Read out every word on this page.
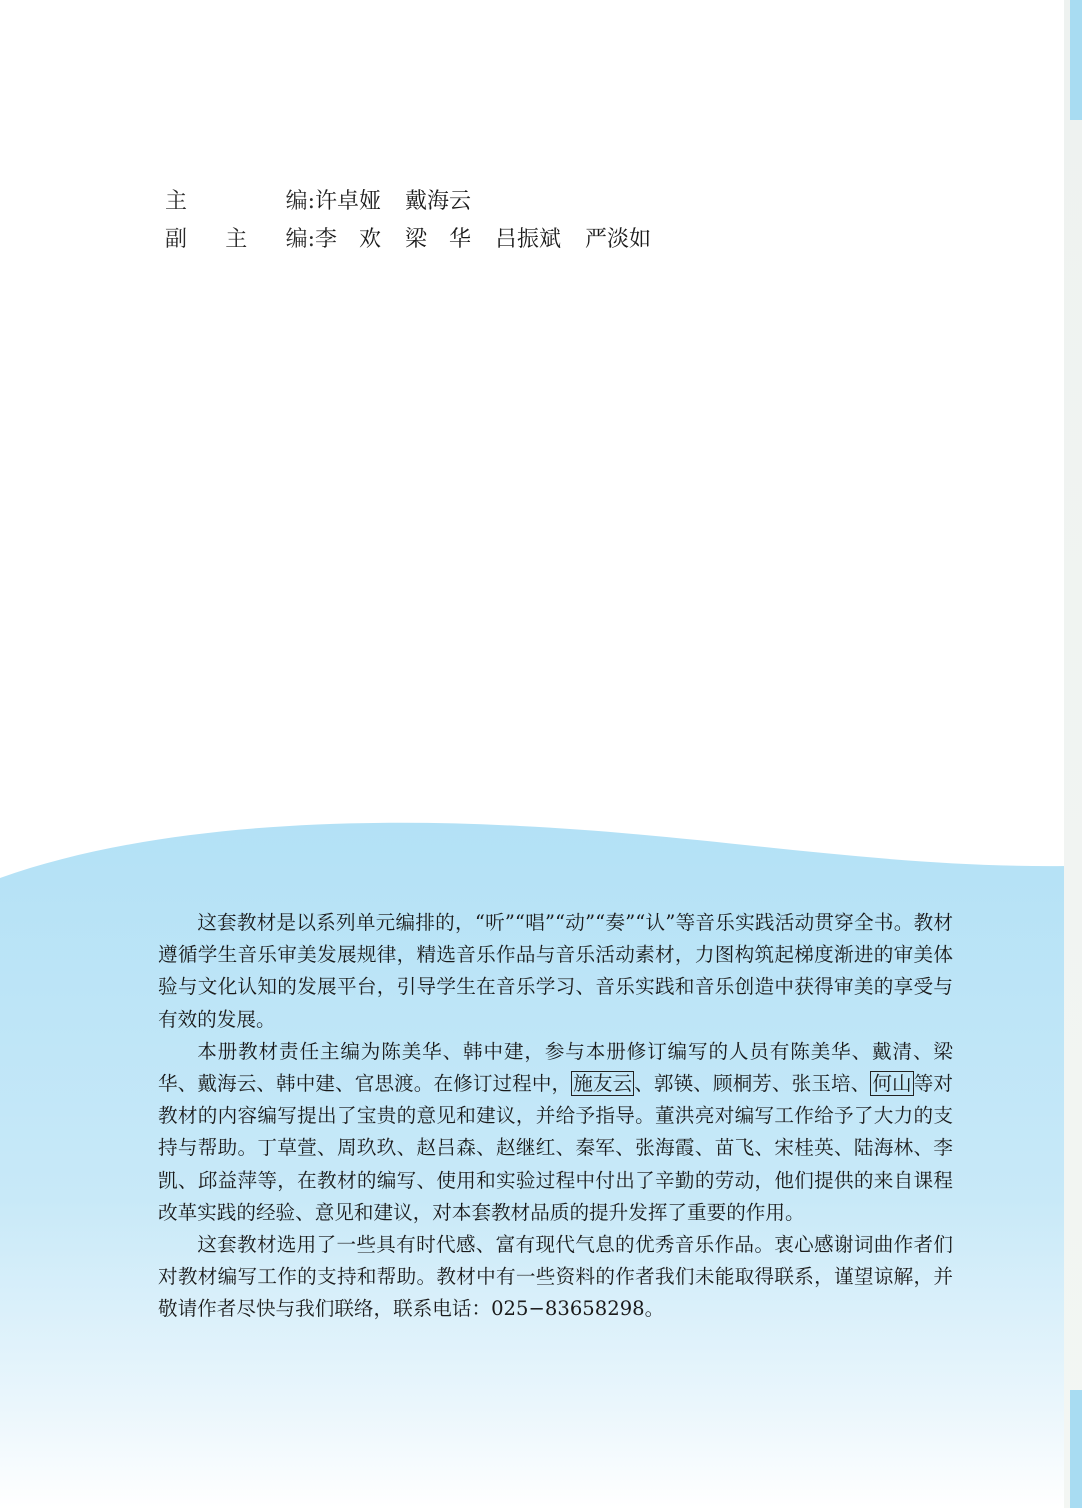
主	编: 许卓娅 戴海云
副 主 编: 李　欢 梁　华 吕振斌 严淡如

这套教材是以系列单元编排的，“听”“唱”“动”“奏”“认”等音乐实践活动贯穿全书。教材遵循学生音乐审美发展规律，精选音乐作品与音乐活动素材，力图构筑起梯度渐进的审美体验与文化认知的发展平台，引导学生在音乐学习、音乐实践和音乐创造中获得审美的享受与有效的发展。

本册教材责任主编为陈美华、韩中建，参与本册修订编写的人员有陈美华、戴清、梁华、戴海云、韩中建、官思渡。在修订过程中， 施友云 、郭锳、顾桐芳、张玉培、 何山 等对教材的内容编写提出了宝贵的意见和建议，并给予指导。董洪亮对编写工作给予了大力的支持与帮助。丁草萱、周玖玖、赵吕森、赵继红、秦军、张海霞、苗飞、宋桂英、陆海林、李凯、邱益萍等，在教材的编写、使用和实验过程中付出了辛勤的劳动，他们提供的来自课程改革实践的经验、意见和建议，对本套教材品质的提升发挥了重要的作用。

这套教材选用了一些具有时代感、富有现代气息的优秀音乐作品。衷心感谢词曲作者们对教材编写工作的支持和帮助。教材中有一些资料的作者我们未能取得联系，谨望谅解，并敬请作者尽快与我们联络，联系电话：025−83658298。
